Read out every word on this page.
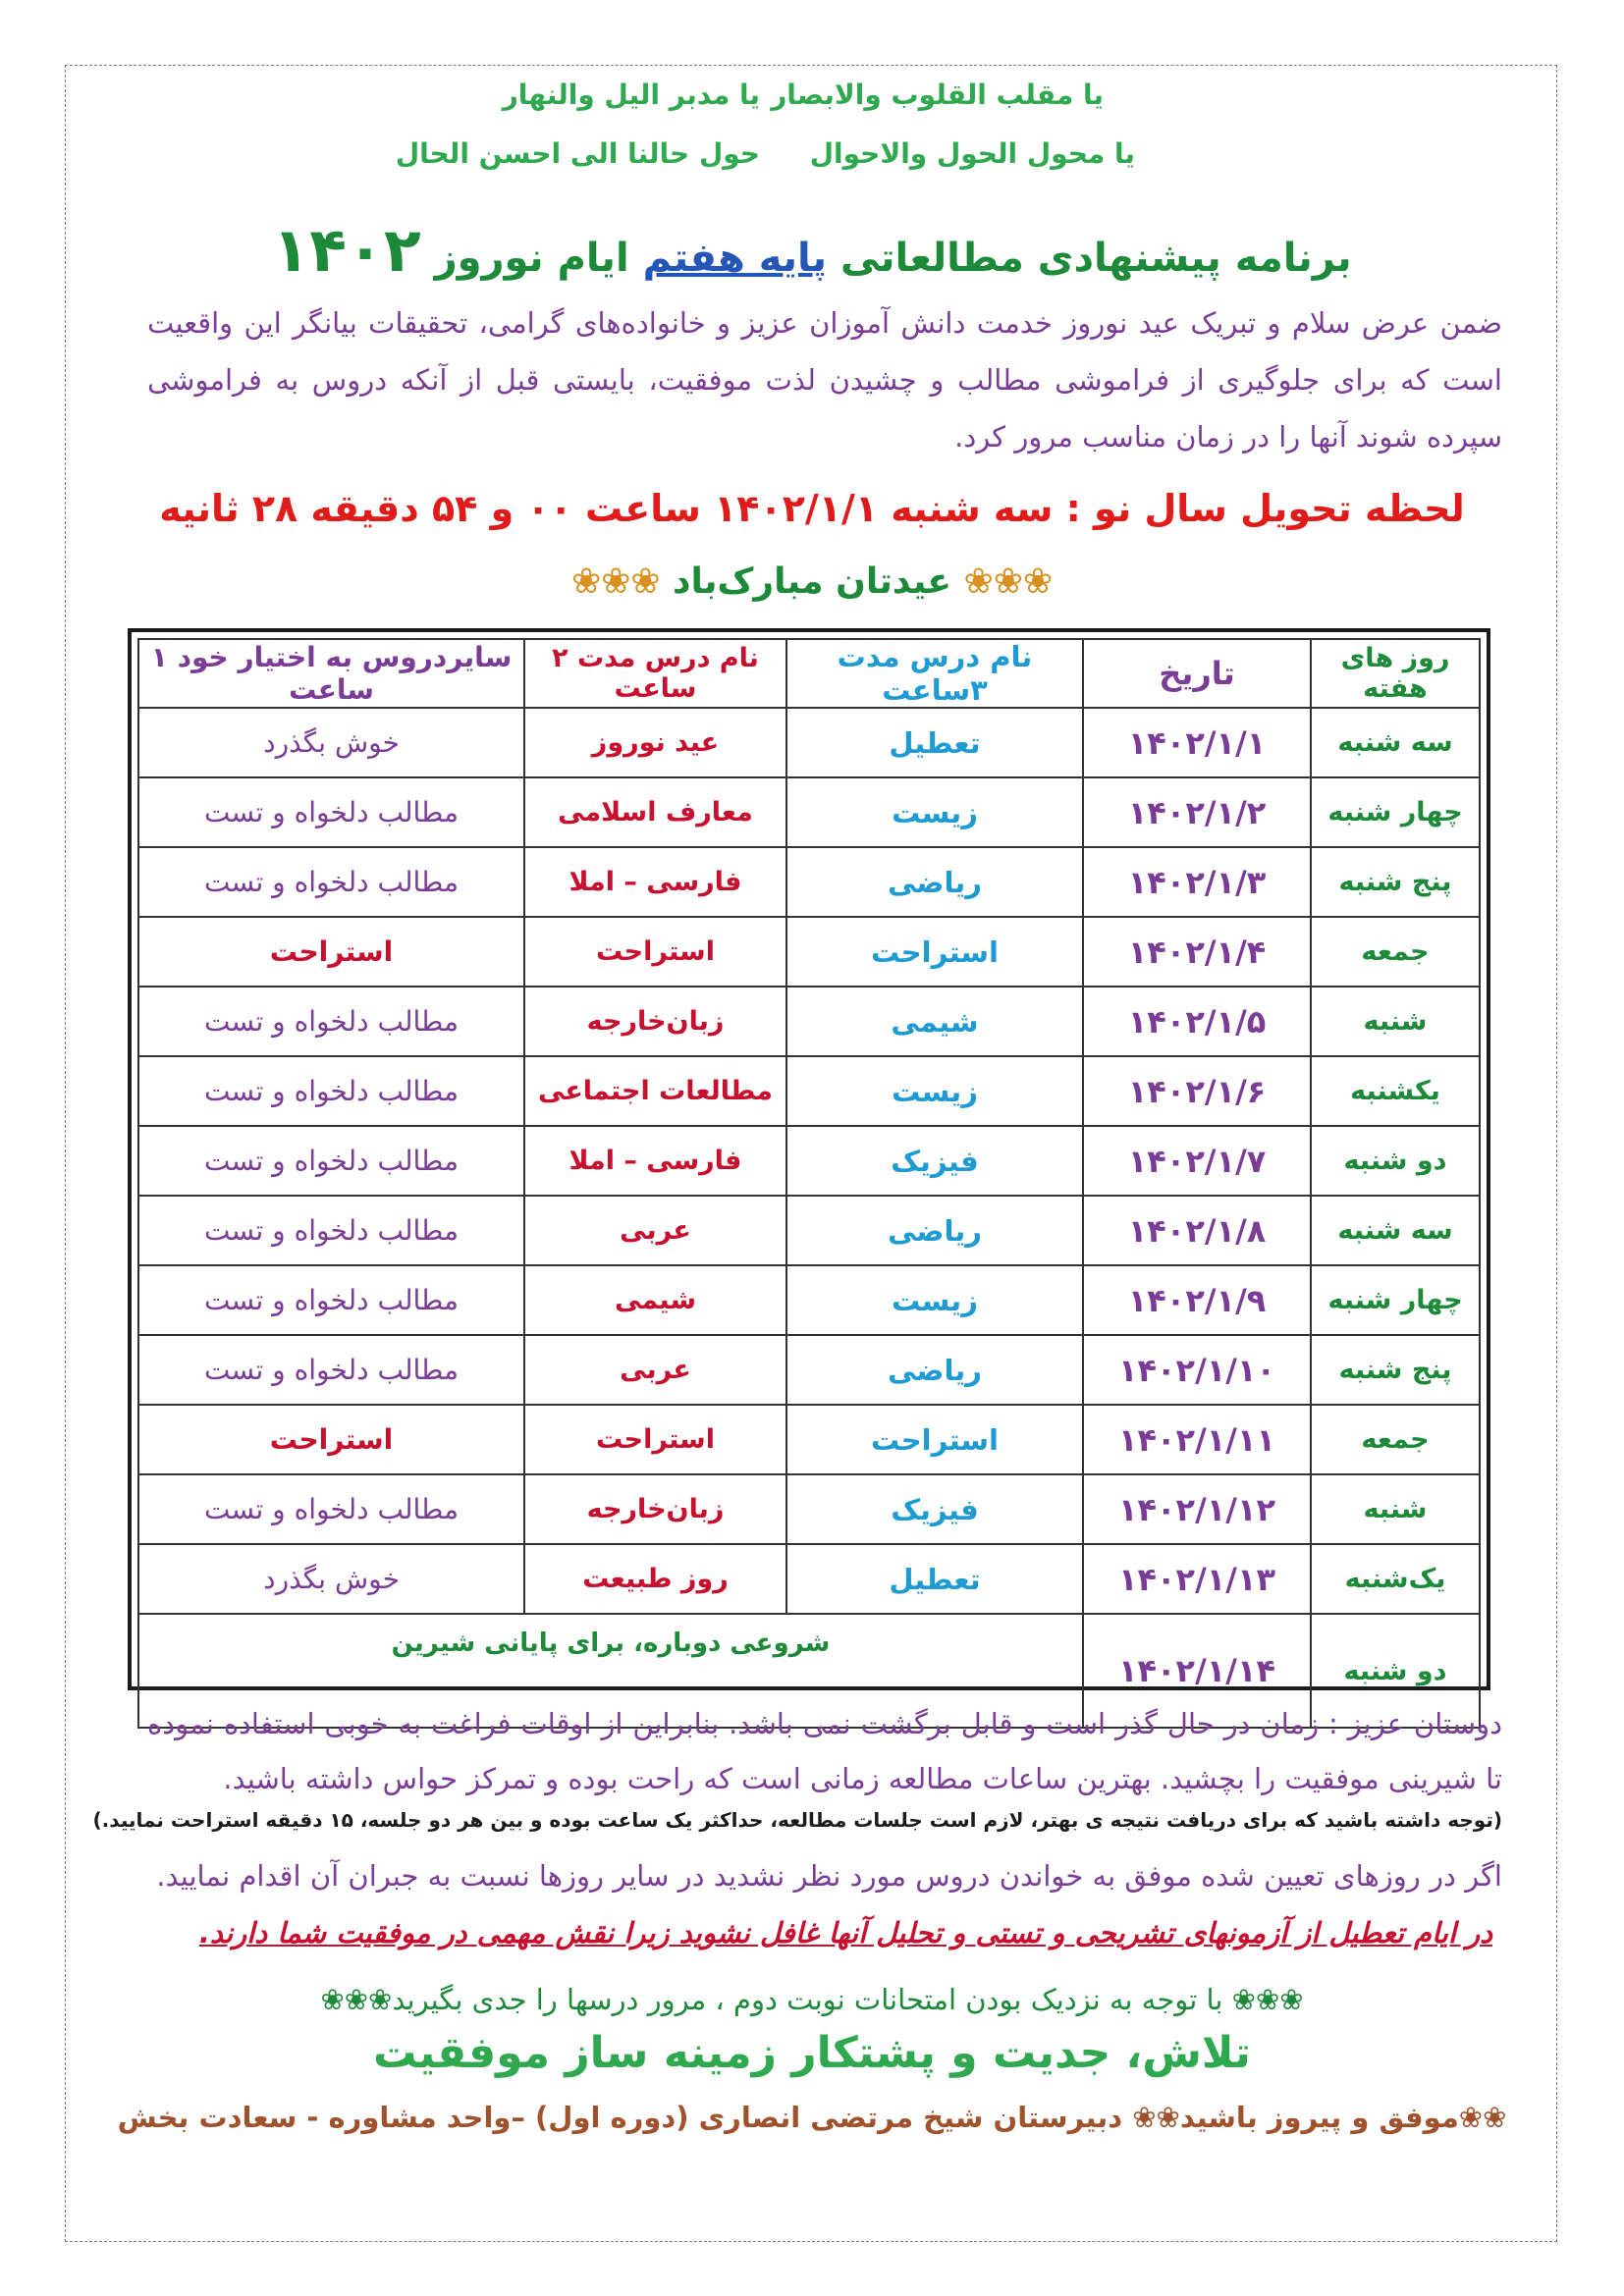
یا مقلب القلوب والابصار
یا مدبر الیل والنهار
یا محول الحول والاحوال
حول حالنا الی احسن الحال
برنامه پیشنهادی مطالعاتی پایه هفتم ایام نوروز ۱۴۰۲
ضمن عرض سلام و تبریک عید نوروز خدمت دانش آموزان عزیز و خانواده‌های گرامی، تحقیقات بیانگر این واقعیت است که برای جلوگیری از فراموشی مطالب و چشیدن لذت موفقیت، بایستی قبل از آنکه دروس به فراموشی سپرده شوند آنها را در زمان مناسب مرور کرد.
لحظه تحویل سال نو : سه شنبه ۱۴۰۲/۱/۱ ساعت ۰۰ و ۵۴ دقیقه ۲۸ ثانیه
❀❀❀ عیدتان مبارک‌باد ❀❀❀
روز های هفته	تاریخ	نام درس مدت ۳ساعت	نام درس مدت ۲ ساعت	سایردروس به اختیار خود ۱ ساعت
سه شنبه	۱۴۰۲/۱/۱	تعطیل	عید نوروز	خوش بگذرد
چهار شنبه	۱۴۰۲/۱/۲	زیست	معارف اسلامی	مطالب دلخواه و تست
پنج شنبه	۱۴۰۲/۱/۳	ریاضی	فارسی – املا	مطالب دلخواه و تست
جمعه	۱۴۰۲/۱/۴	استراحت	استراحت	استراحت
شنبه	۱۴۰۲/۱/۵	شیمی	زبان‌خارجه	مطالب دلخواه و تست
یکشنبه	۱۴۰۲/۱/۶	زیست	مطالعات اجتماعی	مطالب دلخواه و تست
دو شنبه	۱۴۰۲/۱/۷	فیزیک	فارسی – املا	مطالب دلخواه و تست
سه شنبه	۱۴۰۲/۱/۸	ریاضی	عربی	مطالب دلخواه و تست
چهار شنبه	۱۴۰۲/۱/۹	زیست	شیمی	مطالب دلخواه و تست
پنج شنبه	۱۴۰۲/۱/۱۰	ریاضی	عربی	مطالب دلخواه و تست
جمعه	۱۴۰۲/۱/۱۱	استراحت	استراحت	استراحت
شنبه	۱۴۰۲/۱/۱۲	فیزیک	زبان‌خارجه	مطالب دلخواه و تست
یک‌شنبه	۱۴۰۲/۱/۱۳	تعطیل	روز طبیعت	خوش بگذرد
دو شنبه	۱۴۰۲/۱/۱۴	شروعی دوباره، برای پایانی شیرین		
دوستان عزیز : زمان در حال گذر است و قابل برگشت نمی باشد. بنابراین از اوقات فراغت به خوبی استفاده نموده تا شیرینی موفقیت را بچشید. بهترین ساعات مطالعه زمانی است که راحت بوده و تمرکز حواس داشته باشید.
(توجه داشته باشید که برای دریافت نتیجه ی بهتر، لازم است جلسات مطالعه، حداکثر یک ساعت بوده و بین هر دو جلسه، ۱۵ دقیقه استراحت نمایید.)
اگر در روزهای تعیین شده موفق به خواندن دروس مورد نظر نشدید در سایر روزها نسبت به جبران آن اقدام نمایید.
در ایام تعطیل از آزمونهای تشریحی و تستی و تحلیل آنها غافل نشوید زیرا نقش مهمی در موفقیت شما دارند.
❀❀❀ با توجه به نزدیک بودن امتحانات نوبت دوم ، مرور درسها را جدی بگیرید❀❀❀
تلاش، جدیت و پشتکار زمینه ساز موفقیت
❀❀موفق و پیروز باشید❀❀ دبیرستان شیخ مرتضی انصاری (دوره اول) –واحد مشاوره - سعادت بخش
